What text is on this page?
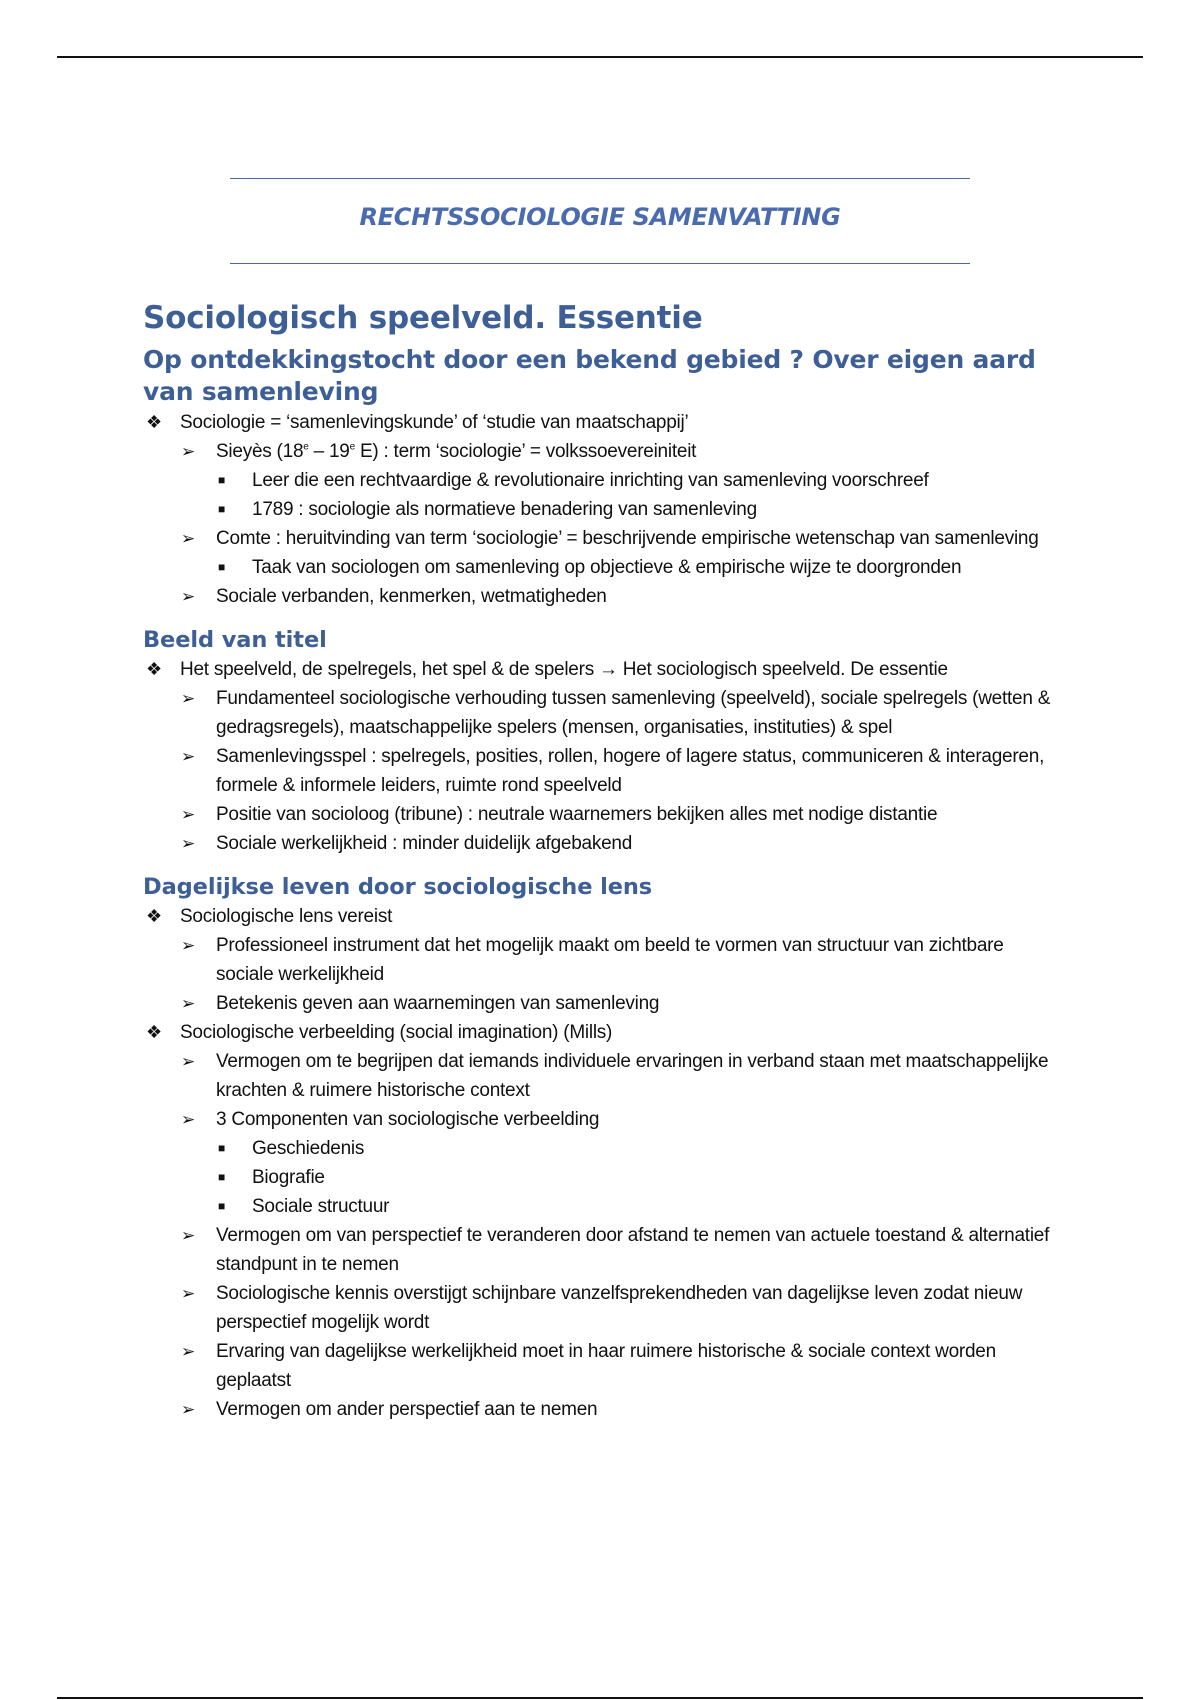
RECHTSSOCIOLOGIE SAMENVATTING
Sociologisch speelveld. Essentie
Op ontdekkingstocht door een bekend gebied ? Over eigen aard van samenleving
❖ Sociologie = ‘samenlevingskunde’ of ‘studie van maatschappij’
➢ Sieyès (18e – 19e E) : term ‘sociologie’ = volkssoevereiniteit
■ Leer die een rechtvaardige & revolutionaire inrichting van samenleving voorschreef
■ 1789 : sociologie als normatieve benadering van samenleving
➢ Comte : heruitvinding van term ‘sociologie’ = beschrijvende empirische wetenschap van samenleving
■ Taak van sociologen om samenleving op objectieve & empirische wijze te doorgronden
➢ Sociale verbanden, kenmerken, wetmatigheden
Beeld van titel
❖ Het speelveld, de spelregels, het spel & de spelers → Het sociologisch speelveld. De essentie
➢ Fundamenteel sociologische verhouding tussen samenleving (speelveld), sociale spelregels (wetten & gedragsregels), maatschappelijke spelers (mensen, organisaties, instituties) & spel
➢ Samenlevingsspel : spelregels, posities, rollen, hogere of lagere status, communiceren & interageren, formele & informele leiders, ruimte rond speelveld
➢ Positie van socioloog (tribune) : neutrale waarnemers bekijken alles met nodige distantie
➢ Sociale werkelijkheid : minder duidelijk afgebakend
Dagelijkse leven door sociologische lens
❖ Sociologische lens vereist
➢ Professioneel instrument dat het mogelijk maakt om beeld te vormen van structuur van zichtbare sociale werkelijkheid
➢ Betekenis geven aan waarnemingen van samenleving
❖ Sociologische verbeelding (social imagination) (Mills)
➢ Vermogen om te begrijpen dat iemands individuele ervaringen in verband staan met maatschappelijke krachten & ruimere historische context
➢ 3 Componenten van sociologische verbeelding
■ Geschiedenis
■ Biografie
■ Sociale structuur
➢ Vermogen om van perspectief te veranderen door afstand te nemen van actuele toestand & alternatief standpunt in te nemen
➢ Sociologische kennis overstijgt schijnbare vanzelfsprekendheden van dagelijkse leven zodat nieuw perspectief mogelijk wordt
➢ Ervaring van dagelijkse werkelijkheid moet in haar ruimere historische & sociale context worden geplaatst
➢ Vermogen om ander perspectief aan te nemen
